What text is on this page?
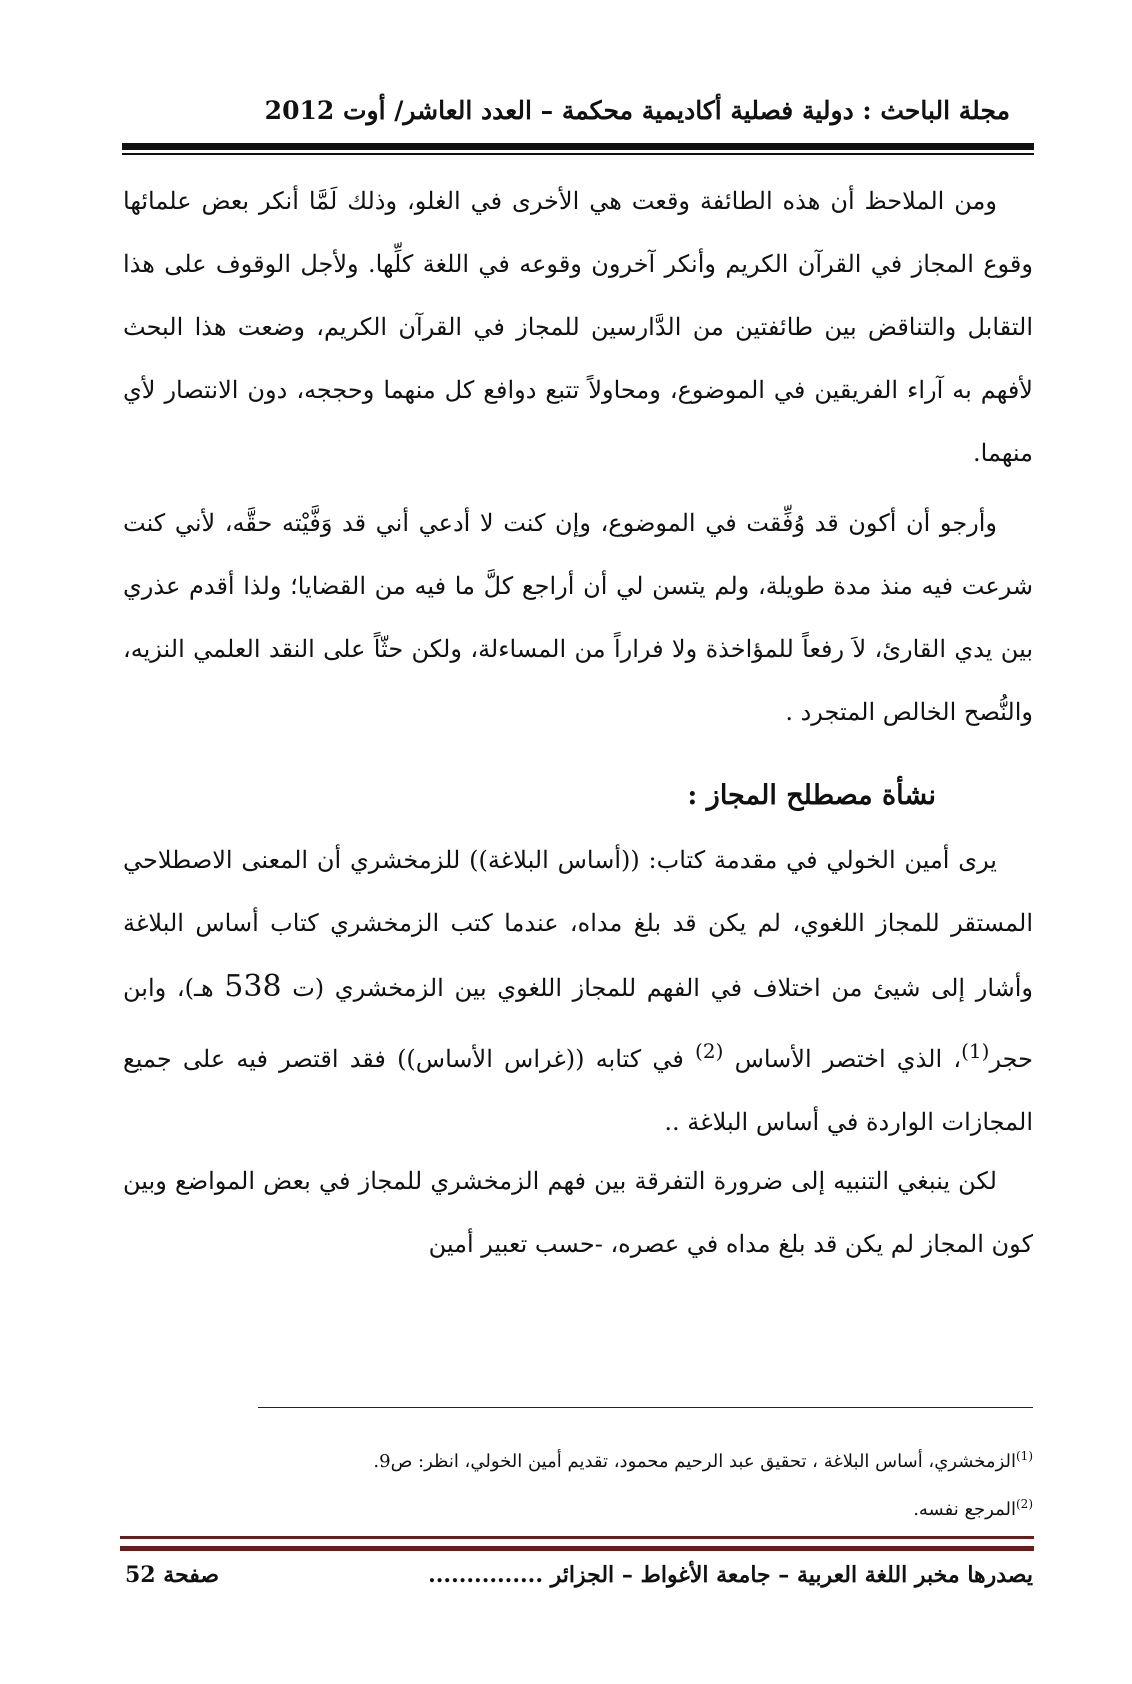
مجلة الباحث : دولية فصلية أكاديمية محكمة – العدد العاشر/ أوت 2012

ومن الملاحظ أن هذه الطائفة وقعت هي الأخرى في الغلو، وذلك لَمَّا أنكر بعض علمائها وقوع المجاز في القرآن الكريم وأنكر آخرون وقوعه في اللغة كلِّها. ولأجل الوقوف على هذا التقابل والتناقض بين طائفتين من الدَّارسين للمجاز في القرآن الكريم، وضعت هذا البحث لأفهم به آراء الفريقين في الموضوع، ومحاولاً تتبع دوافع كل منهما وحججه، دون الانتصار لأي منهما.

وأرجو أن أكون قد وُفِّقت في الموضوع، وإن كنت لا أدعي أني قد وَفَّيْته حقَّه، لأني كنت شرعت فيه منذ مدة طويلة، ولم يتسن لي أن أراجع كلَّ ما فيه من القضايا؛ ولذا أقدم عذري بين يدي القارئ، لاَ رفعاً للمؤاخذة ولا فراراً من المساءلة، ولكن حثّاً على النقد العلمي النزيه، والنُّصح الخالص المتجرد .

نشأة مصطلح المجاز :

يرى أمين الخولي في مقدمة كتاب: ((أساس البلاغة)) للزمخشري أن المعنى الاصطلاحي المستقر للمجاز اللغوي، لم يكن قد بلغ مداه، عندما كتب الزمخشري كتاب أساس البلاغة وأشار إلى شيئ من اختلاف في الفهم للمجاز اللغوي بين الزمخشري (ت 538 هـ)، وابن حجر$^{(1)}$، الذي اختصر الأساس $^{(2)}$ في كتابه ((غراس الأساس)) فقد اقتصر فيه على جميع المجازات الواردة في أساس البلاغة ..

لكن ينبغي التنبيه إلى ضرورة التفرقة بين فهم الزمخشري للمجاز في بعض المواضع وبين كون المجاز لم يكن قد بلغ مداه في عصره، -حسب تعبير أمين

$^{(1)}$الزمخشري، أساس البلاغة ، تحقيق عبد الرحيم محمود، تقديم أمين الخولي، انظر: ص9.
$^{(2)}$المرجع نفسه.
يصدرها مخبر اللغة العربية – جامعة الأغواط – الجزائر ...............
صفحة 52
